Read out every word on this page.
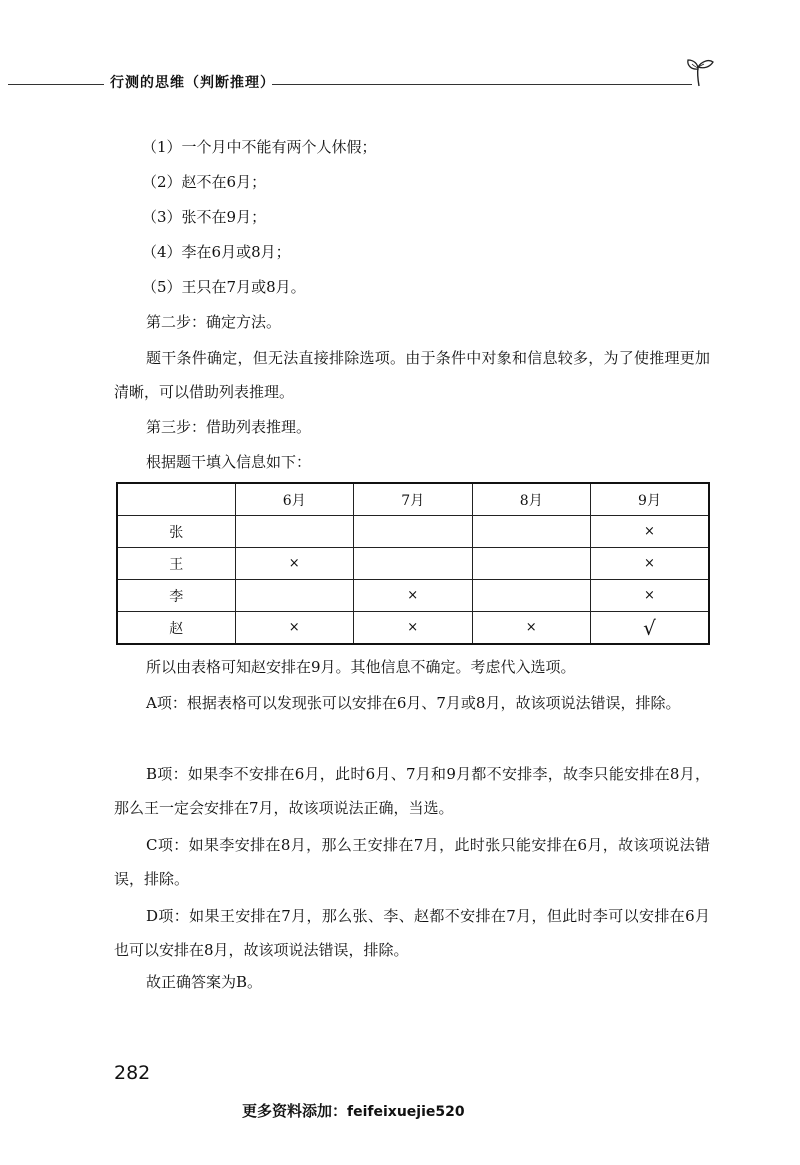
行测的思维（判断推理）
（1）一个月中不能有两个人休假；
（2）赵不在6月；
（3）张不在9月；
（4）李在6月或8月；
（5）王只在7月或8月。
第二步：确定方法。

题干条件确定，但无法直接排除选项。由于条件中对象和信息较多，为了使推理更加清晰，可以借助列表推理。

第三步：借助列表推理。
根据题干填入信息如下：
	6月	7月	8月	9月
张				×
王	×			×
李		×		×
赵	×	×	×	√
所以由表格可知赵安排在9月。其他信息不确定。考虑代入选项。

A项：根据表格可以发现张可以安排在6月、7月或8月，故该项说法错误，排除。

B项：如果李不安排在6月，此时6月、7月和9月都不安排李，故李只能安排在8月，那么王一定会安排在7月，故该项说法正确，当选。

C项：如果李安排在8月，那么王安排在7月，此时张只能安排在6月，故该项说法错误，排除。

D项：如果王安排在7月，那么张、李、赵都不安排在7月，但此时李可以安排在6月也可以安排在8月，故该项说法错误，排除。

故正确答案为B。
282
更多资料添加：feifeixuejie520
